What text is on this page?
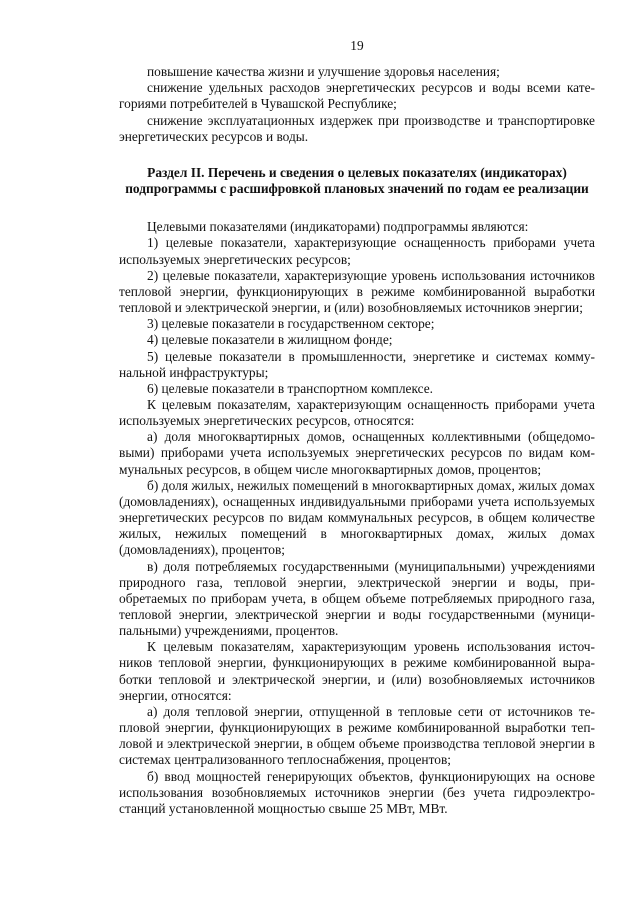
19

повышение качества жизни и улучшение здоровья населения;

снижение удельных расходов энергетических ресурсов и воды всеми категориями потребителей в Чувашской Республике;

снижение эксплуатационных издержек при производстве и транспортировке энергетических ресурсов и воды.

Раздел II. Перечень и сведения о целевых показателях (индикаторах)
подпрограммы с расшифровкой плановых значений по годам ее реализации

Целевыми показателями (индикаторами) подпрограммы являются:

1) целевые показатели, характеризующие оснащенность приборами учета используемых энергетических ресурсов;

2) целевые показатели, характеризующие уровень использования источников тепловой энергии, функционирующих в режиме комбинированной выработки тепловой и электрической энергии, и (или) возобновляемых источников энергии;

3) целевые показатели в государственном секторе;

4) целевые показатели в жилищном фонде;

5) целевые показатели в промышленности, энергетике и системах коммунальной инфраструктуры;

6) целевые показатели в транспортном комплексе.

К целевым показателям, характеризующим оснащенность приборами учета используемых энергетических ресурсов, относятся:

а) доля многоквартирных домов, оснащенных коллективными (общедомовыми) приборами учета используемых энергетических ресурсов по видам коммунальных ресурсов, в общем числе многоквартирных домов, процентов;

б) доля жилых, нежилых помещений в многоквартирных домах, жилых домах (домовладениях), оснащенных индивидуальными приборами учета используемых энергетических ресурсов по видам коммунальных ресурсов, в общем количестве жилых, нежилых помещений в многоквартирных домах, жилых домах (домовладениях), процентов;

в) доля потребляемых государственными (муниципальными) учреждениями природного газа, тепловой энергии, электрической энергии и воды, приобретаемых по приборам учета, в общем объеме потребляемых природного газа, тепловой энергии, электрической энергии и воды государственными (муниципальными) учреждениями, процентов.

К целевым показателям, характеризующим уровень использования источников тепловой энергии, функционирующих в режиме комбинированной выработки тепловой и электрической энергии, и (или) возобновляемых источников энергии, относятся:

а) доля тепловой энергии, отпущенной в тепловые сети от источников тепловой энергии, функционирующих в режиме комбинированной выработки тепловой и электрической энергии, в общем объеме производства тепловой энергии в системах централизованного теплоснабжения, процентов;

б) ввод мощностей генерирующих объектов, функционирующих на основе использования возобновляемых источников энергии (без учета гидроэлектростанций установленной мощностью свыше 25 МВт, МВт.
